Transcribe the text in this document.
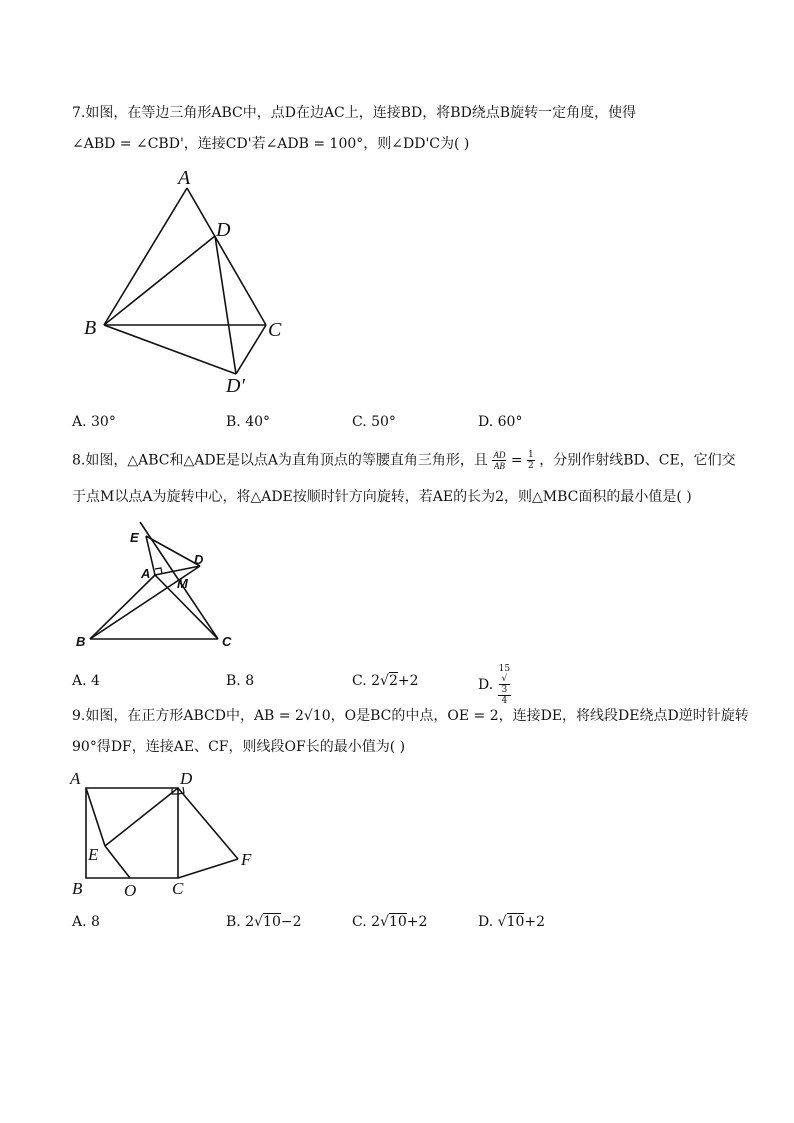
7.如图，在等边三角形ABC中，点D在边AC上，连接BD，将BD绕点B旋转一定角度，使得
∠ABD = ∠CBD'，连接CD'若∠ADB = 100°，则∠DD'C为( )
A
B	C
D
D′
A. 30°	B. 40°	C. 50°	D. 60°
8.如图，△ABC和△ADE是以点A为直角顶点的等腰直角三角形，且 $\frac{AD}{AB} = \frac{1}{2}$ ，分别作射线BD、CE，它们交
于点M以点A为旋转中心，将△ADE按顺时针方向旋转，若AE的长为2，则△MBC面积的最小值是( )
E
D
A
M
B	C
A. 4	B. 8	C. 2√2+2	D. 15
√
3
4
9.如图，在正方形ABCD中，AB = 2√10，O是BC的中点，OE = 2，连接DE，将线段DE绕点D逆时针旋转
90°得DF，连接AE、CF，则线段OF长的最小值为( )
A	D
E	F
B O C
A. 8	B. 2√10−2	C. 2√10+2	D. √10+2
